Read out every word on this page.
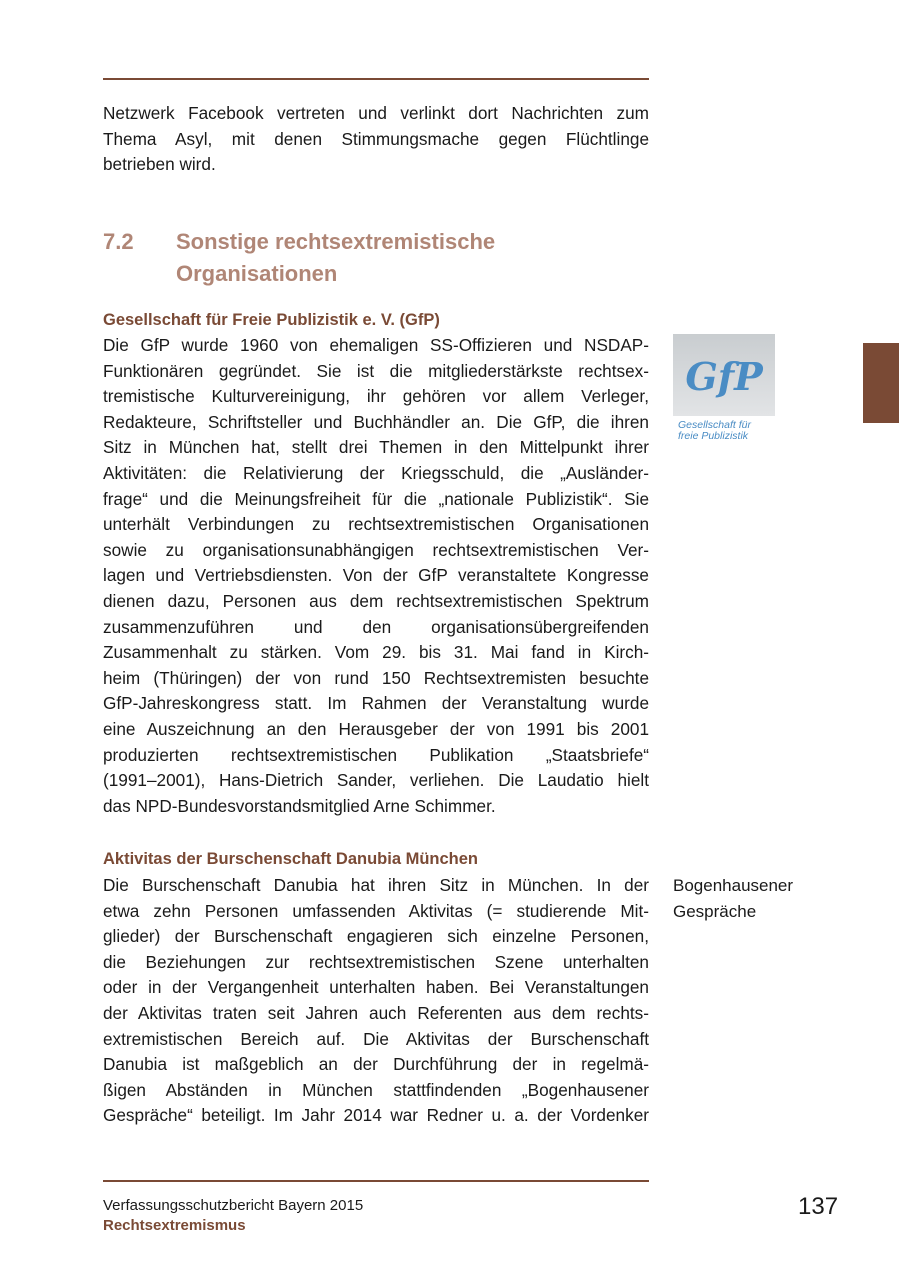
Netzwerk Facebook vertreten und verlinkt dort Nachrichten zum
Thema Asyl, mit denen Stimmungsmache gegen Flüchtlinge
betrieben wird.
7.2 Sonstige rechtsextremistische
Organisationen
Gesellschaft für Freie Publizistik e. V. (GfP)
Die GfP wurde 1960 von ehemaligen SS-Offizieren und NSDAP-
Funktionären gegründet. Sie ist die mitgliederstärkste rechtsex-
tremistische Kulturvereinigung, ihr gehören vor allem Verleger,
Redakteure, Schriftsteller und Buchhändler an. Die GfP, die ihren
Sitz in München hat, stellt drei Themen in den Mittelpunkt ihrer
Aktivitäten: die Relativierung der Kriegsschuld, die „Ausländer-
frage“ und die Meinungsfreiheit für die „nationale Publizistik“. Sie
unterhält Verbindungen zu rechtsextremistischen Organisationen
sowie zu organisationsunabhängigen rechtsextremistischen Ver-
lagen und Vertriebsdiensten. Von der GfP veranstaltete Kongresse
dienen dazu, Personen aus dem rechtsextremistischen Spektrum
zusammenzuführen und den organisationsübergreifenden
Zusammenhalt zu stärken. Vom 29. bis 31. Mai fand in Kirch-
heim (Thüringen) der von rund 150 Rechtsextremisten besuchte
GfP-Jahreskongress statt. Im Rahmen der Veranstaltung wurde
eine Auszeichnung an den Herausgeber der von 1991 bis 2001
produzierten rechtsextremistischen Publikation „Staatsbriefe“
(1991–2001), Hans-Dietrich Sander, verliehen. Die Laudatio hielt
das NPD-Bundesvorstandsmitglied Arne Schimmer.
GfP
Gesellschaft für
freie Publizistik
Aktivitas der Burschenschaft Danubia München
Die Burschenschaft Danubia hat ihren Sitz in München. In der
etwa zehn Personen umfassenden Aktivitas (= studierende Mit-
glieder) der Burschenschaft engagieren sich einzelne Personen,
die Beziehungen zur rechtsextremistischen Szene unterhalten
oder in der Vergangenheit unterhalten haben. Bei Veranstaltungen
der Aktivitas traten seit Jahren auch Referenten aus dem rechts-
extremistischen Bereich auf. Die Aktivitas der Burschenschaft
Danubia ist maßgeblich an der Durchführung der in regelmä-
ßigen Abständen in München stattfindenden „Bogenhausener
Gespräche“ beteiligt. Im Jahr 2014 war Redner u. a. der Vordenker
Bogenhausener
Gespräche
Verfassungsschutzbericht Bayern 2015
Rechtsextremismus
137
